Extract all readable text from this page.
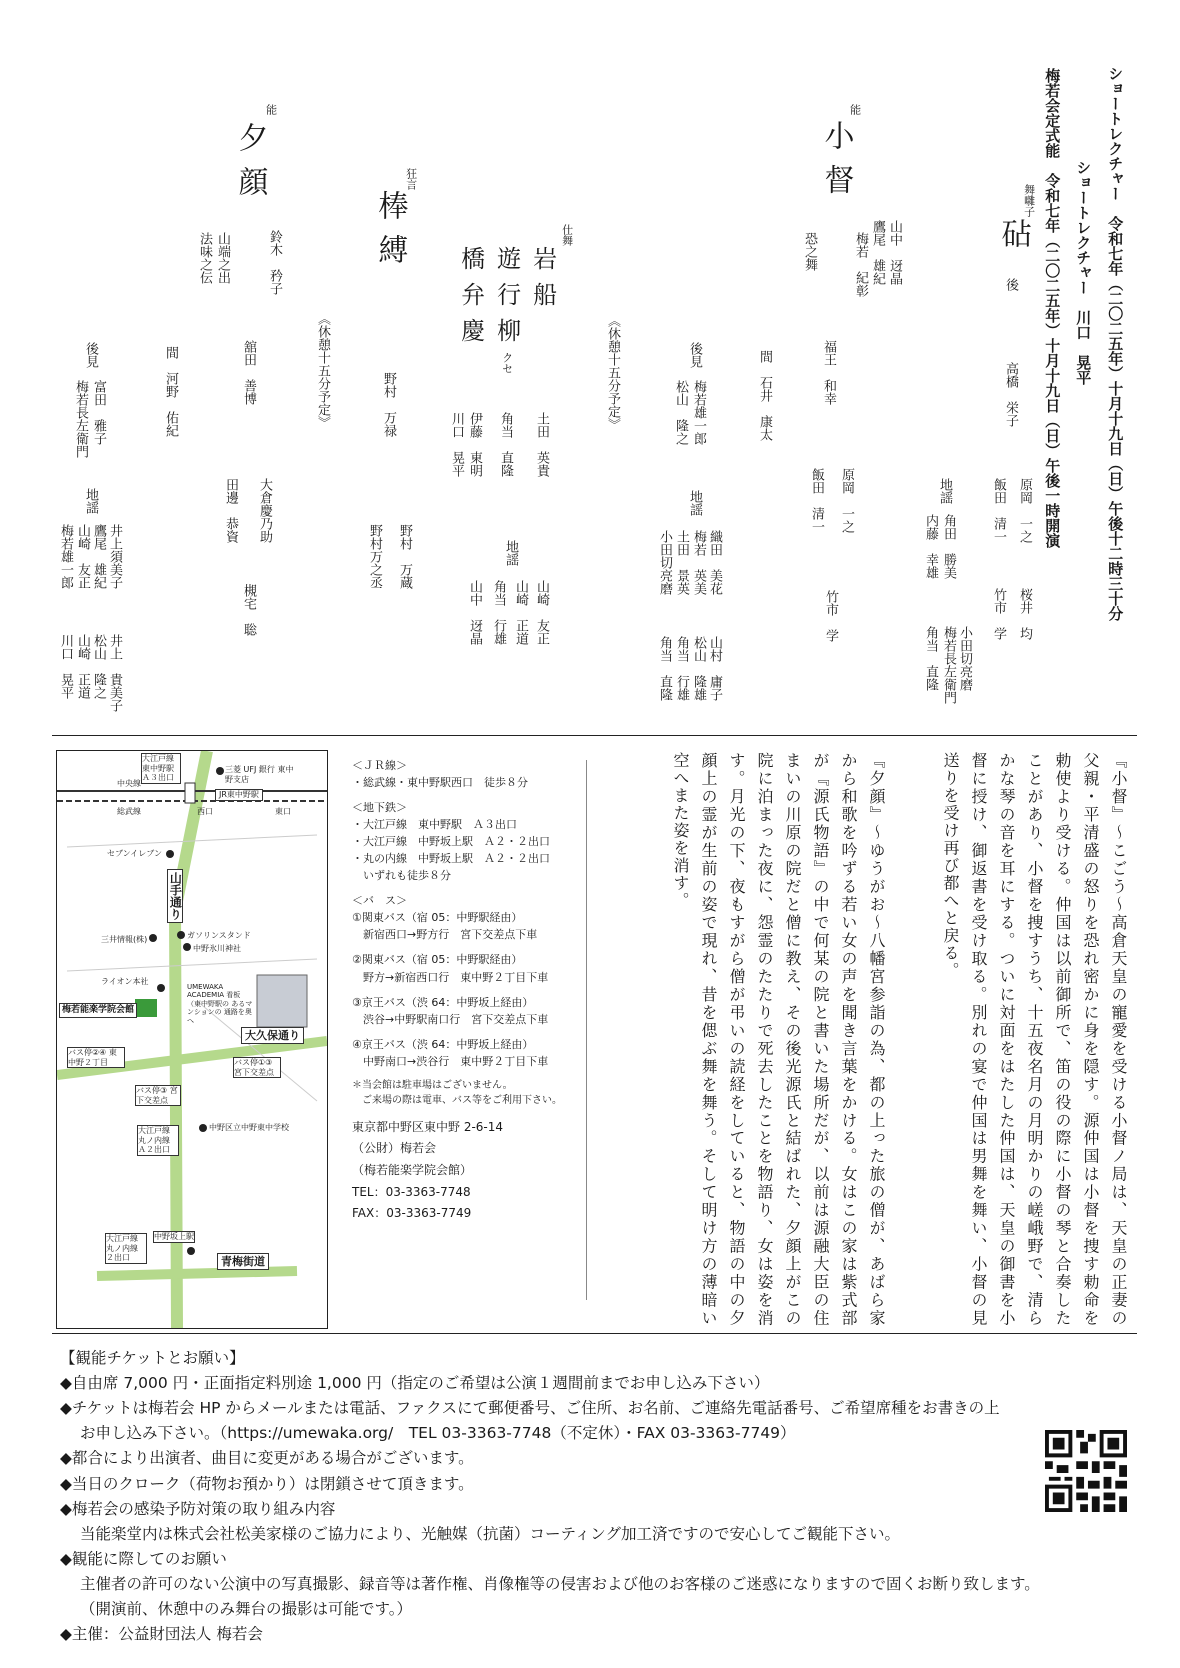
ショートレクチャー　令和七年（二〇二五年）十月十九日（日）午後十二時三十分
ショートレクチャー　川口　晃平
梅若会定式能　令和七年（二〇二五年）十月十九日（日）午後一時開演
舞囃子
砧
後
高橋　栄子
原岡　一之
飯田　清一
桜井　均
竹市　学
地謡
角田　勝美
内藤　幸雄
小田切亮磨
梅若長左衛門
角当　直隆
能
小督
山中　迓晶
鷹尾　雄紀
梅若　紀彰
恐之舞
福王　和幸
原岡　一之
飯田　清一
竹市　学
間　石井　康太
後見
梅若雄一郎
松山　隆之
地謡
織田　美花
梅若　英美
土田　景英
小田切亮磨
山村　庸子
松山　隆雄
角当　行雄
角当　直隆
《休憩十五分予定》
仕舞
岩船
遊行柳
クセ
橋弁慶
土田　英貴
角当　直隆
伊藤　東明
川口　晃平
地謡
山崎　友正
山崎　正道
角当　行雄
山中　迓晶
狂言
棒縛
野村　万禄
野村　万蔵
野村万之丞
《休憩十五分予定》
能
夕顔
鈴木　矜子
山端之出
法味之伝
舘田　善博
大倉慶乃助
田邊　恭資
槻宅　聡
間　河野　佑紀
後見
富田　雅子
梅若長左衛門
地謡
井上須美子
鷹尾　雄紀
山崎　友正
梅若雄一郎
井上　貴美子
松山　隆之
山崎　正道
川口　晃平

『小督』〜こごう〜高倉天皇の寵愛を受ける小督ノ局は、天皇の正妻の父親・平清盛の怒りを恐れ密かに身を隠す。源仲国は小督を捜す勅命を勅使より受ける。仲国は以前御所で、笛の役の際に小督の琴と合奏したことがあり、小督を捜すうち、十五夜名月の月明かりの嵯峨野で、清らかな琴の音を耳にする。ついに対面をはたした仲国は、天皇の御書を小督に授け、御返書を受け取る。別れの宴で仲国は男舞を舞い、小督の見送りを受け再び都へと戻る。

『夕顔』〜ゆうがお〜八幡宮参詣の為、都の上った旅の僧が、あばら家から和歌を吟ずる若い女の声を聞き言葉をかける。女はこの家は紫式部が『源氏物語』の中で何某の院と書いた場所だが、以前は源融大臣の住まいの川原の院だと僧に教え、その後光源氏と結ばれた、夕顔上がこの院に泊まった夜に、怨霊のたたりで死去したことを物語り、女は姿を消す。月光の下、夜もすがら僧が弔いの読経をしていると、物語の中の夕顔上の霊が生前の姿で現れ、昔を偲ぶ舞を舞う。そして明け方の薄暗い空へまた姿を消す。

＜ＪＲ線＞

・総武線・東中野駅西口　徒歩８分

＜地下鉄＞

・大江戸線　東中野駅　Ａ３出口

・大江戸線　中野坂上駅　Ａ２・２出口

・丸の内線　中野坂上駅　Ａ２・２出口

　いずれも徒歩８分

＜バ　ス＞

①関東バス（宿 05：中野駅経由）

　新宿西口→野方行　宮下交差点下車

②関東バス（宿 05：中野駅経由）

　野方→新宿西口行　東中野２丁目下車

③京王バス（渋 64：中野坂上経由）

　渋谷→中野駅南口行　宮下交差点下車

④京王バス（渋 64：中野坂上経由）

　中野南口→渋谷行　東中野２丁目下車

＊当会館は駐車場はございません。

　ご来場の際は電車、バス等をご利用下さい。

東京都中野区東中野 2-6-14

（公財）梅若会

（梅若能楽学院会館）

TEL：03-3363-7748

FAX：03-3363-7749

大江戸線 東中野駅 Ａ３出口
三菱 UFJ 銀行 東中野支店
中央線
総武線
JR東中野駅
西口	東口
セブンイレブン
山手通り
ガソリンスタンド
三井情報(株)
中野氷川神社
ライオン本社
梅若能楽学院会館
UMEWAKA ACADEMIA 看板（東中野駅の あるマンションの 通路を奥へ
大久保通り
バス停②④ 東中野２丁目	バス停①③ 宮下交差点
バス停③ 宮下交差点
中野区立中野東中学校
大江戸線 丸ノ内線 Ａ２出口
中野坂上駅
大江戸線 丸ノ内線 ２出口	青梅街道

【観能チケットとお願い】

◆自由席 7,000 円・正面指定料別途 1,000 円（指定のご希望は公演１週間前までお申し込み下さい）

◆チケットは梅若会 HP からメールまたは電話、ファクスにて郵便番号、ご住所、お名前、ご連絡先電話番号、ご希望席種をお書きの上

お申し込み下さい。（https://umewaka.org/　TEL 03-3363-7748（不定休）・FAX 03-3363-7749）

◆都合により出演者、曲目に変更がある場合がございます。

◆当日のクローク（荷物お預かり）は閉鎖させて頂きます。

◆梅若会の感染予防対策の取り組み内容

当能楽堂内は株式会社松美家様のご協力により、光触媒（抗菌）コーティング加工済ですので安心してご観能下さい。

◆観能に際してのお願い

主催者の許可のない公演中の写真撮影、録音等は著作権、肖像権等の侵害および他のお客様のご迷惑になりますので固くお断り致します。

（開演前、休憩中のみ舞台の撮影は可能です。）

◆主催：公益財団法人 梅若会
